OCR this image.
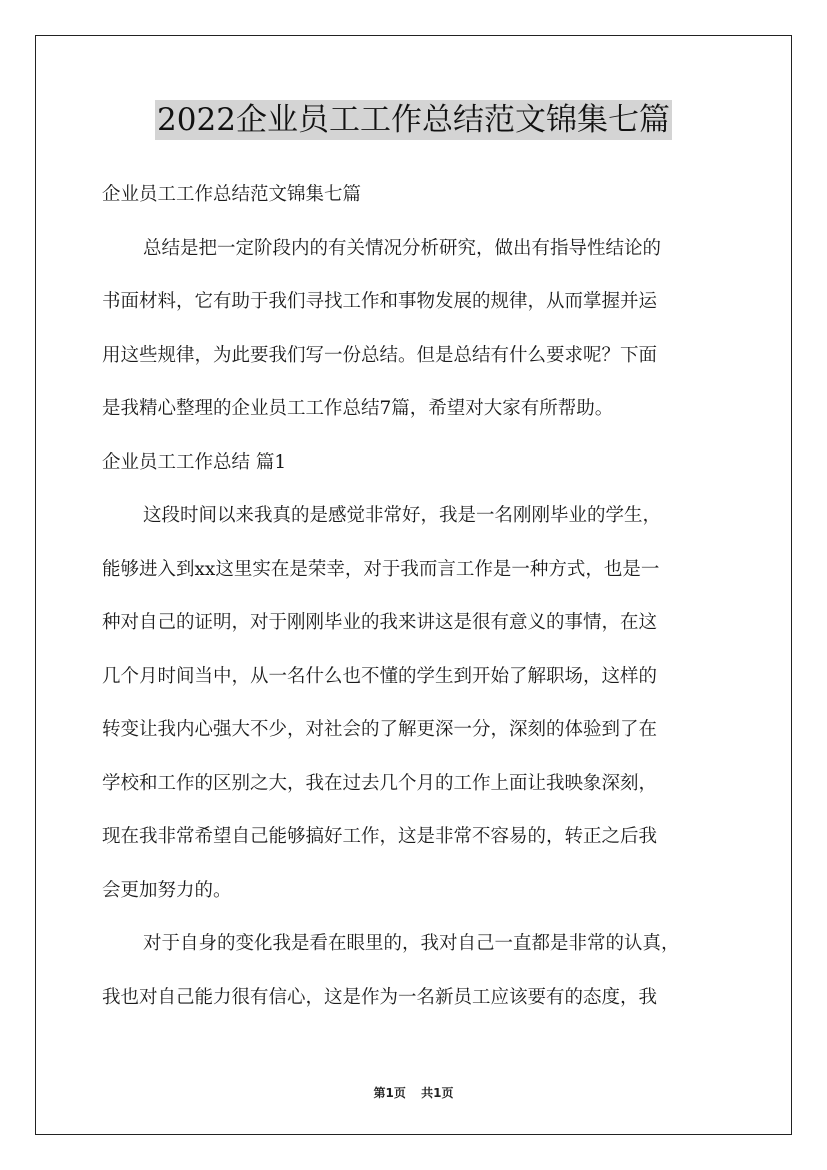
2022企业员工工作总结范文锦集七篇
企业员工工作总结范文锦集七篇
总结是把一定阶段内的有关情况分析研究，做出有指导性结论的
书面材料，它有助于我们寻找工作和事物发展的规律，从而掌握并运
用这些规律，为此要我们写一份总结。但是总结有什么要求呢？下面
是我精心整理的企业员工工作总结7篇，希望对大家有所帮助。
企业员工工作总结 篇1
这段时间以来我真的是感觉非常好，我是一名刚刚毕业的学生，
能够进入到xx这里实在是荣幸，对于我而言工作是一种方式，也是一
种对自己的证明，对于刚刚毕业的我来讲这是很有意义的事情，在这
几个月时间当中，从一名什么也不懂的学生到开始了解职场，这样的
转变让我内心强大不少，对社会的了解更深一分，深刻的体验到了在
学校和工作的区别之大，我在过去几个月的工作上面让我映象深刻，
现在我非常希望自己能够搞好工作，这是非常不容易的，转正之后我
会更加努力的。
对于自身的变化我是看在眼里的，我对自己一直都是非常的认真，
我也对自己能力很有信心，这是作为一名新员工应该要有的态度，我
第1页 共1页
